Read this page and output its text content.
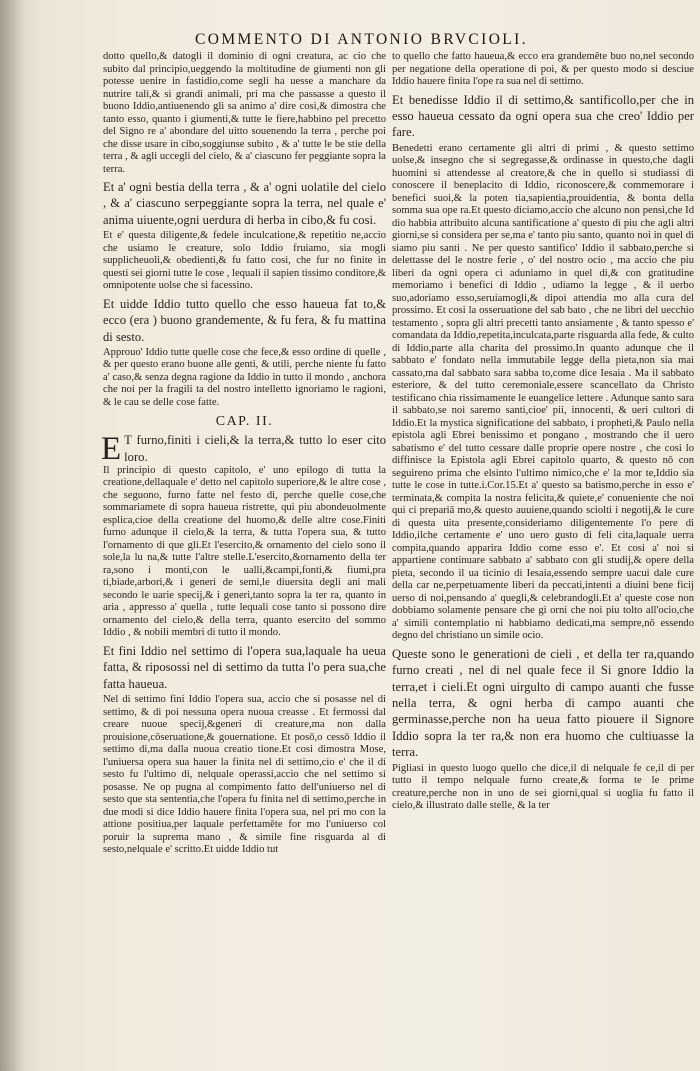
COMMENTO DI ANTONIO BRVCIOLI.

dotto quello,& datogli il dominio di ogni creatura, ac cio che subito dal principio,ueggendo la moltitudine de giumenti non gli potesse uenire in fastidio,come segli ha uesse a manchare da nutrire tali,& si grandi animali, pri ma che passasse a questo il buono Iddio,antiuenendo gli sa animo a' dire cosi,& dimostra che tanto esso, quanto i giumenti,& tutte le fiere,habbino pel precetto del Signo re a' abondare del uitto souenendo la terra , perche poi che disse usare in cibo,soggiunse subito , & a' tutte le be stie della terra , & agli uccegli del cielo, & a' ciascuno fer peggiante sopra la terra.

Et a' ogni bestia della terra , & a' ogni uolatile del cielo , & a' ciascuno serpeggiante sopra la terra, nel quale e' anima uiuente,ogni uerdura di herba in cibo,& fu cosi.

Et e' questa diligente,& fedele inculcatione,& repetitio ne,accio che usiamo le creature, solo Iddio fruiamo, sia mogli supplicheuoli,& obedienti,& fu fatto cosi, che fur no finite in questi sei giorni tutte le cose , lequali il sapien tissimo conditore,& omnipotente uolse che si facessino.

Et uidde Iddio tutto quello che esso haueua fat to,& ecco (era ) buono grandemente, & fu fera, & fu mattina di sesto.

Approuo' Iddio tutte quelle cose che fece,& esso ordine di quelle , & per questo erano buone alle genti, & utili, perche niente fu fatto a' caso,& senza degna ragione da Iddio in tutto il mondo , anchora che noi per la fragili ta del nostro intelletto ignoriamo le ragioni, & le cau se delle cose fatte.

CAP. II.

E T furno,finiti i cieli,& la terra,& tutto lo eser cito loro.

Il principio di questo capitolo, e' uno epilogo di tutta la creatione,dellaquale e' detto nel capitolo superiore,& le altre cose , che seguono, furno fatte nel festo di, perche quelle cose,che sommariamete di sopra haueua ristrette, qui piu abondeuolmente esplica,cioe della creatione del huomo,& delle altre cose.Finiti furno adunque il cielo,& la terra, & tutta l'opera sua, & tutto l'ornamento di que gli.Et l'esercito,& ornamento del cielo sono il sole,la lu na,& tutte l'altre stelle.L'esercito,&ornamento della ter ra,sono i monti,con le ualli,&campi,fonti,& fiumi,pra ti,biade,arbori,& i generi de semi,le diuersita degli ani mali secondo le uarie specij,& i generi,tanto sopra la ter ra, quanto in aria , appresso a' quella , tutte lequali cose tanto si possono dire ornamento del cielo,& della terra, quanto esercito del sommo Iddio , & nobili membri di tutto il mondo.

Et fini Iddio nel settimo di l'opera sua,laquale ha ueua fatta, & riposossi nel di settimo da tutta l'o pera sua,che fatta haueua.

Nel di settimo fini Iddio l'opera sua, accio che si posasse nel di settimo, & di poi nessuna opera nuoua creasse . Et fermossi dal creare nuoue specij,&generi di creature,ma non dalla prouisione,cōseruatione,& gouernatione. Et posō,o cessō Iddio il settimo di,ma dalla nuoua creatio tione.Et cosi dimostra Mose, l'uniuersa opera sua hauer la finita nel di settimo,cio e' che il di sesto fu l'ultimo di, nelquale operassi,accio che nel settimo si posasse. Ne op pugna al compimento fatto dell'uniuerso nel di sesto que sta sententia,che l'opera fu finita nel di settimo,perche in due modi si dice Iddio hauere finita l'opera sua, nel pri mo con la attione positiua,per laquale perfettamēte for mo l'uniuerso col poruir la suprema mano , & simile fine risguarda al di sesto,nelquale e' scritto.Et uidde Iddio tut

to quello che fatto haueua,& ecco era grandemēte buo no,nel secondo per negatione della operatione di poi, & per questo modo si desciue Iddio hauere finita l'ope ra sua nel di settimo.

Et benedisse Iddio il di settimo,& santificollo,per che in esso haueua cessato da ogni opera sua che creo' Iddio per fare.

Benedetti erano certamente gli altri di primi , & questo settimo uolse,& insegno che si segregasse,& ordinasse in questo,che dagli huomini si attendesse al creatore,& che in quello si studiassi di conoscere il beneplacito di Iddio, riconoscere,& commemorare i benefici suoi,& la poten tia,sapientia,prouidentia, & bonta della somma sua ope ra.Et questo diciamo,accio che alcuno non pensi,che Id dio habbia attribuito alcuna santificatione a' questo di piu che agli altri giorni,se si considera per se,ma e' tanto piu santo, quanto noi in quel di siamo piu santi . Ne per questo santifico' Iddio il sabbato,perche si delettasse del le nostre ferie , o' del nostro ocio , ma accio che piu liberi da ogni opera ci aduniamo in quel di,& con gratitudine memoriamo i benefici di Iddio , udiamo la legge , & il uerbo suo,adoriamo esso,seruiamogli,& dipoi attendia mo alla cura del prossimo. Et cosi la osseruatione del sab bato , che ne libri del uecchio testamento , sopra gli altri precetti tanto ansiamente , & tanto spesso e' comandata da Iddio,repetita,inculcata,parte risguarda alla fede, & culto di Iddio,parte alla charita del prossimo.In quanto adunque che il sabbato e' fondato nella immutabile legge della pieta,non sia mai cassato,ma dal sabbato sara sabba to,come dice Iesaia . Ma il sabbato esteriore, & del tutto ceremoniale,essere scancellato da Christo testificano chia rissimamente le euangelice lettere . Adunque santo sara il sabbato,se noi saremo santi,cioe' pii, innocenti, & ueri cultori di Iddio.Et la mystica significatione del sabbato, i propheti,& Paulo nella epistola agli Ebrei benissimo et pongano , mostrando che il uero sabatismo e' del tutto cessare dalle proprie opere nostre , che cosi lo diffinisce la Epistola agli Ebrei capitolo quarto, & questo nō con seguireno prima che elsinto l'ultimo nimico,che e' la mor te,Iddio sia tutte le cose in tutte.i.Cor.15.Et a' questo sa batismo,perche in esso e' terminata,& compita la nostra felicita,& quiete,e' conueniente che noi qui ci prepariā mo,& questo auuiene,quando sciolti i negotij,& le cure di questa uita presente,consideriamo diligentemente l'o pere di Iddio,ilche certamente e' uno uero gusto di feli cita,laquale uerra compita,quando apparira Iddio come esso e'. Et cosi a' noi si appartiene continuare sabbato a' sabbato con gli studij,& opere della pieta, secondo il ua ticinio di Iesaia,essendo sempre uacui dale cure della car ne,perpetuamente liberi da peccati,intenti a diuini bene ficij uerso di noi,pensando a' quegli,& celebrandogli.Et a' queste cose non dobbiamo solamente pensare che gi orni che noi piu tolto all'ocio,che a' simili contemplatio ni habbiamo dedicati,ma sempre,nō essendo degno del christiano un simile ocio.

Queste sono le generationi de cieli , et della ter ra,quando furno creati , nel di nel quale fece il Si gnore Iddio la terra,et i cieli.Et ogni uirgulto di campo auanti che fusse nella terra, & ogni herba di campo auanti che germinasse,perche non ha ueua fatto piouere il Signore Iddio sopra la ter ra,& non era huomo che cultiuasse la terra.

Pigliasi in questo luogo quello che dice,il di nelquale fe ce,il di per tutto il tempo nelquale furno create,& forma te le prime creature,perche non in uno de sei giorni,qual si uoglia fu fatto il cielo,& illustrato dalle stelle, & la ter
